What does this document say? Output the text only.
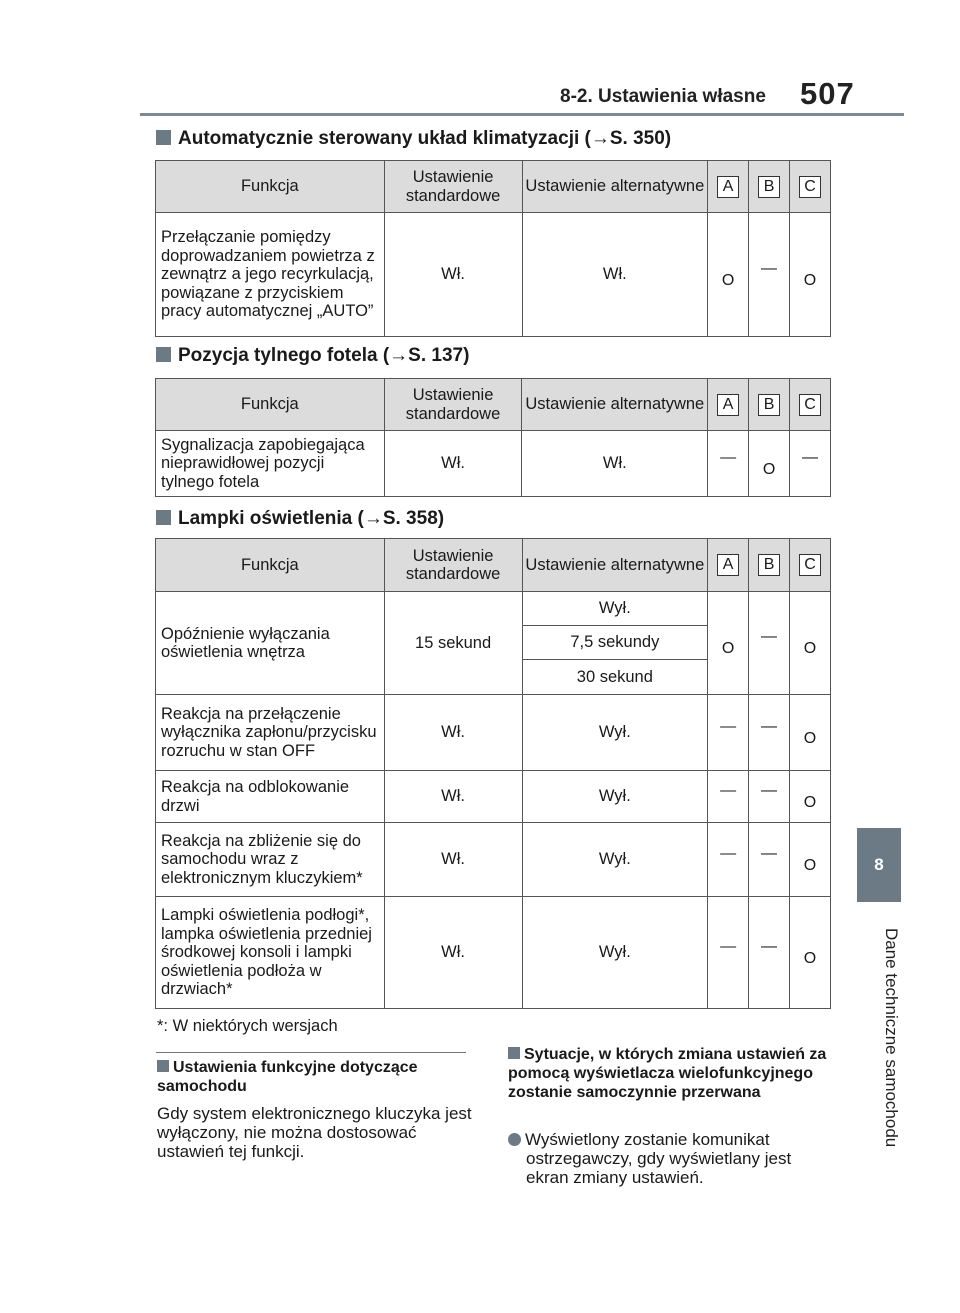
8-2. Ustawienia własne 507
8
Dane techniczne samochodu
Automatycznie sterowany układ klimatyzacji (→S. 350)
Funkcja	Ustawienie standardowe	Ustawienie alternatywne	A	B	C
Przełączanie pomiędzy doprowadzaniem powietrza z zewnątrz a jego recyrkulacją, powiązane z przyciskiem pracy automatycznej „AUTO”	Wł.	Wł.	O	—	O
Pozycja tylnego fotela (→S. 137)
Funkcja	Ustawienie standardowe	Ustawienie alternatywne	A	B	C
Sygnalizacja zapobiegająca nieprawidłowej pozycji tylnego fotela	Wł.	Wł.	—	O	—
Lampki oświetlenia (→S. 358)
Funkcja	Ustawienie standardowe	Ustawienie alternatywne	A	B	C
Opóźnienie wyłączania oświetlenia wnętrza	15 sekund	Wył.	O	—	O
		7,5 sekundy			
		30 sekund			
Reakcja na przełączenie wyłącznika zapłonu/przycisku rozruchu w stan OFF	Wł.	Wył.	—	—	O
Reakcja na odblokowanie drzwi	Wł.	Wył.	—	—	O
Reakcja na zbliżenie się do samochodu wraz z elektronicznym kluczykiem*	Wł.	Wył.	—	—	O
Lampki oświetlenia podłogi*, lampka oświetlenia przedniej środkowej konsoli i lampki oświetlenia podłoża w drzwiach*	Wł.	Wył.	—	—	O
*: W niektórych wersjach
Ustawienia funkcyjne dotyczące samochodu
Gdy system elektronicznego kluczyka jest wyłączony, nie można dostosować ustawień tej funkcji.
Sytuacje, w których zmiana ustawień za pomocą wyświetlacza wielofunkcyjnego zostanie samoczynnie przerwana
Wyświetlony zostanie komunikat ostrzegawczy, gdy wyświetlany jest ekran zmiany ustawień.
